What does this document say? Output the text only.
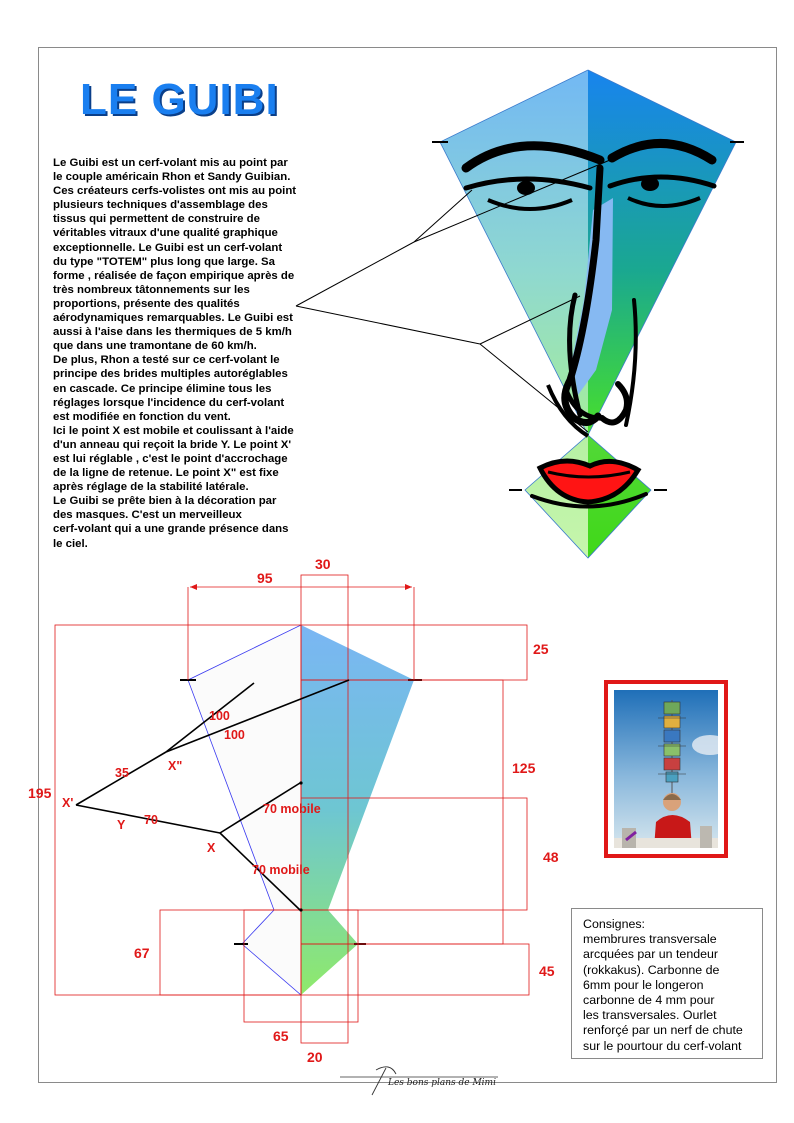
LE GUIBI

Le Guibi est un cerf-volant mis au point par

le couple américain Rhon et Sandy Guibian.

Ces créateurs cerfs-volistes ont mis au point

plusieurs techniques d'assemblage des

tissus qui permettent de construire de

véritables vitraux d'une qualité graphique

exceptionnelle. Le Guibi est un cerf-volant

du type "TOTEM" plus long que large. Sa

forme , réalisée de façon empirique après de

très nombreux tâtonnements sur les

proportions, présente des qualités

aérodynamiques remarquables. Le Guibi est

aussi à l'aise dans les thermiques de 5 km/h

que dans une tramontane de 60 km/h.

De plus, Rhon a testé sur ce cerf-volant le

principe des brides multiples autoréglables

en cascade. Ce principe élimine tous les

réglages lorsque l'incidence du cerf-volant

est modifiée en fonction du vent.

Ici le point X est mobile et coulissant à l'aide

d'un anneau qui reçoit la bride Y. Le point X'

est lui réglable , c'est le point d'accrochage

de la ligne de retenue. Le point X" est fixe

après réglage de la stabilité latérale.

Le Guibi se prête bien à la décoration par

des masques. C'est un merveilleux

cerf-volant qui a une grande présence dans

le ciel.

95
30
25
125
195
48
67
45
65
20
100
100
35	X"
X'
Y 70
X
70 mobile
70 mobile

Consignes:

membrures transversale

arcquées par un tendeur

(rokkakus). Carbonne de

6mm pour le longeron

carbonne de 4 mm pour

les transversales. Ourlet

renforçé par un nerf de chute

sur le pourtour du cerf-volant

Les bons plans de Mimi
